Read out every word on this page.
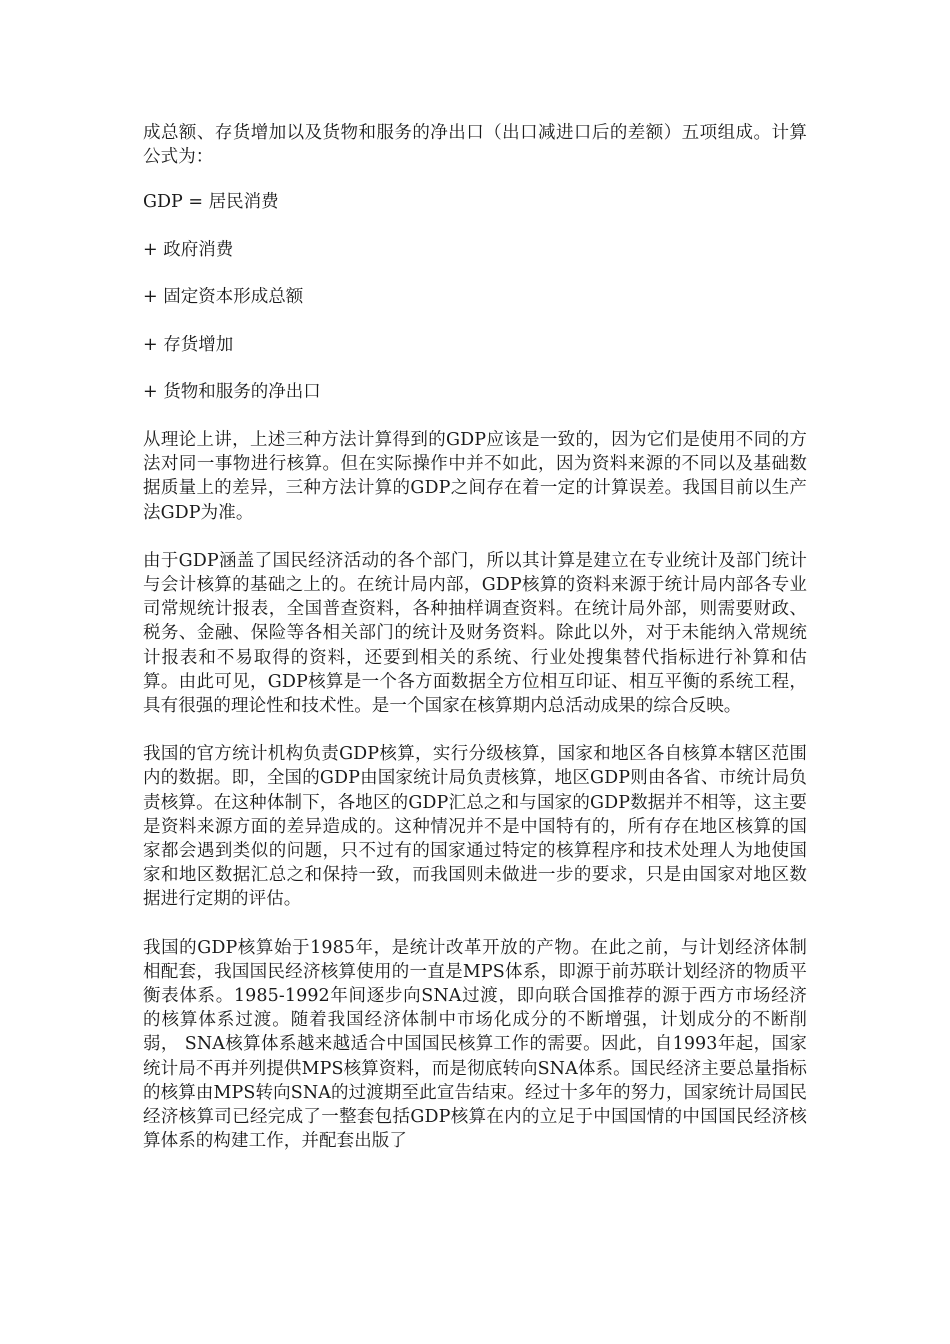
成总额、存货增加以及货物和服务的净出口（出口减进口后的差额）五项组成。计算公式为：

GDP = 居民消费

+ 政府消费

+ 固定资本形成总额

+ 存货增加

+ 货物和服务的净出口

从理论上讲，上述三种方法计算得到的GDP应该是一致的，因为它们是使用不同的方法对同一事物进行核算。但在实际操作中并不如此，因为资料来源的不同以及基础数据质量上的差异，三种方法计算的GDP之间存在着一定的计算误差。我国目前以生产法GDP为准。

由于GDP涵盖了国民经济活动的各个部门，所以其计算是建立在专业统计及部门统计与会计核算的基础之上的。在统计局内部，GDP核算的资料来源于统计局内部各专业司常规统计报表，全国普查资料，各种抽样调查资料。在统计局外部，则需要财政、税务、金融、保险等各相关部门的统计及财务资料。除此以外，对于未能纳入常规统计报表和不易取得的资料，还要到相关的系统、行业处搜集替代指标进行补算和估算。由此可见，GDP核算是一个各方面数据全方位相互印证、相互平衡的系统工程，具有很强的理论性和技术性。是一个国家在核算期内总活动成果的综合反映。

我国的官方统计机构负责GDP核算，实行分级核算，国家和地区各自核算本辖区范围内的数据。即，全国的GDP由国家统计局负责核算，地区GDP则由各省、市统计局负责核算。在这种体制下，各地区的GDP汇总之和与国家的GDP数据并不相等，这主要是资料来源方面的差异造成的。这种情况并不是中国特有的，所有存在地区核算的国家都会遇到类似的问题，只不过有的国家通过特定的核算程序和技术处理人为地使国家和地区数据汇总之和保持一致，而我国则未做进一步的要求，只是由国家对地区数据进行定期的评估。

我国的GDP核算始于1985年，是统计改革开放的产物。在此之前，与计划经济体制相配套，我国国民经济核算使用的一直是MPS体系，即源于前苏联计划经济的物质平衡表体系。1985-1992年间逐步向SNA过渡，即向联合国推荐的源于西方市场经济的核算体系过渡。随着我国经济体制中市场化成分的不断增强，计划成分的不断削弱， SNA核算体系越来越适合中国国民核算工作的需要。因此，自1993年起，国家统计局不再并列提供MPS核算资料，而是彻底转向SNA体系。国民经济主要总量指标的核算由MPS转向SNA的过渡期至此宣告结束。经过十多年的努力，国家统计局国民经济核算司已经完成了一整套包括GDP核算在内的立足于中国国情的中国国民经济核算体系的构建工作，并配套出版了
